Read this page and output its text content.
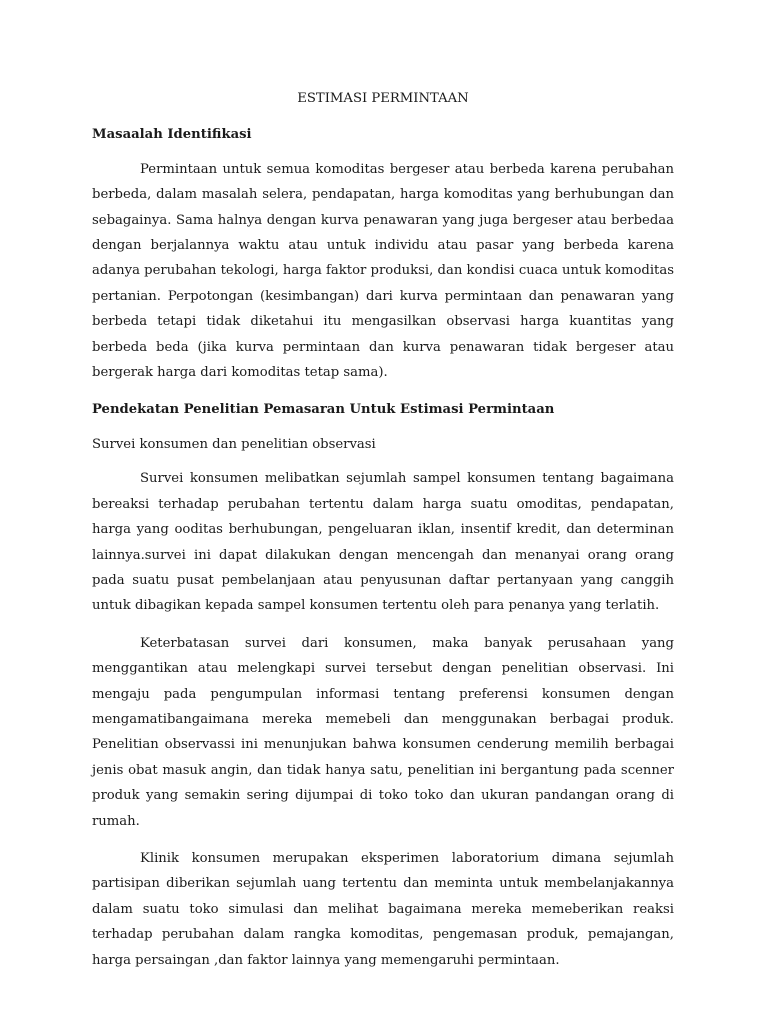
ESTIMASI PERMINTAAN
Masaalah Identifikasi

Permintaan untuk semua komoditas bergeser atau berbeda karena perubahan berbeda, dalam masalah selera, pendapatan, harga komoditas yang berhubungan dan sebagainya. Sama halnya dengan kurva penawaran yang juga bergeser atau berbedaa dengan berjalannya waktu atau untuk individu atau pasar yang berbeda karena adanya perubahan tekologi, harga faktor produksi, dan kondisi cuaca untuk komoditas pertanian. Perpotongan (kesimbangan) dari kurva permintaan dan penawaran yang berbeda tetapi tidak diketahui itu mengasilkan observasi harga kuantitas yang berbeda beda (jika kurva permintaan dan kurva penawaran tidak bergeser atau bergerak harga dari komoditas tetap sama).

Pendekatan Penelitian Pemasaran Untuk Estimasi Permintaan
Survei konsumen dan penelitian observasi

Survei konsumen melibatkan sejumlah sampel konsumen tentang bagaimana bereaksi terhadap perubahan tertentu dalam harga suatu omoditas, pendapatan, harga yang ooditas berhubungan, pengeluaran iklan, insentif kredit, dan determinan lainnya.survei ini dapat dilakukan dengan mencengah dan menanyai orang orang pada suatu pusat pembelanjaan atau penyusunan daftar pertanyaan yang canggih untuk dibagikan kepada sampel konsumen tertentu oleh para penanya yang terlatih.

Keterbatasan survei dari konsumen, maka banyak perusahaan yang menggantikan atau melengkapi survei tersebut dengan penelitian observasi. Ini mengaju pada pengumpulan informasi tentang preferensi konsumen dengan mengamatibangaimana mereka memebeli dan menggunakan berbagai produk. Penelitian observassi ini menunjukan bahwa konsumen cenderung memilih berbagai jenis obat masuk angin, dan tidak hanya satu, penelitian ini bergantung pada scenner produk yang semakin sering dijumpai di toko toko dan ukuran pandangan orang di rumah.

Klinik konsumen merupakan eksperimen laboratorium dimana sejumlah partisipan diberikan sejumlah uang tertentu dan meminta untuk membelanjakannya dalam suatu toko simulasi dan melihat bagaimana mereka memeberikan reaksi terhadap perubahan dalam rangka komoditas, pengemasan produk, pemajangan, harga persaingan ,dan faktor lainnya yang memengaruhi permintaan.
